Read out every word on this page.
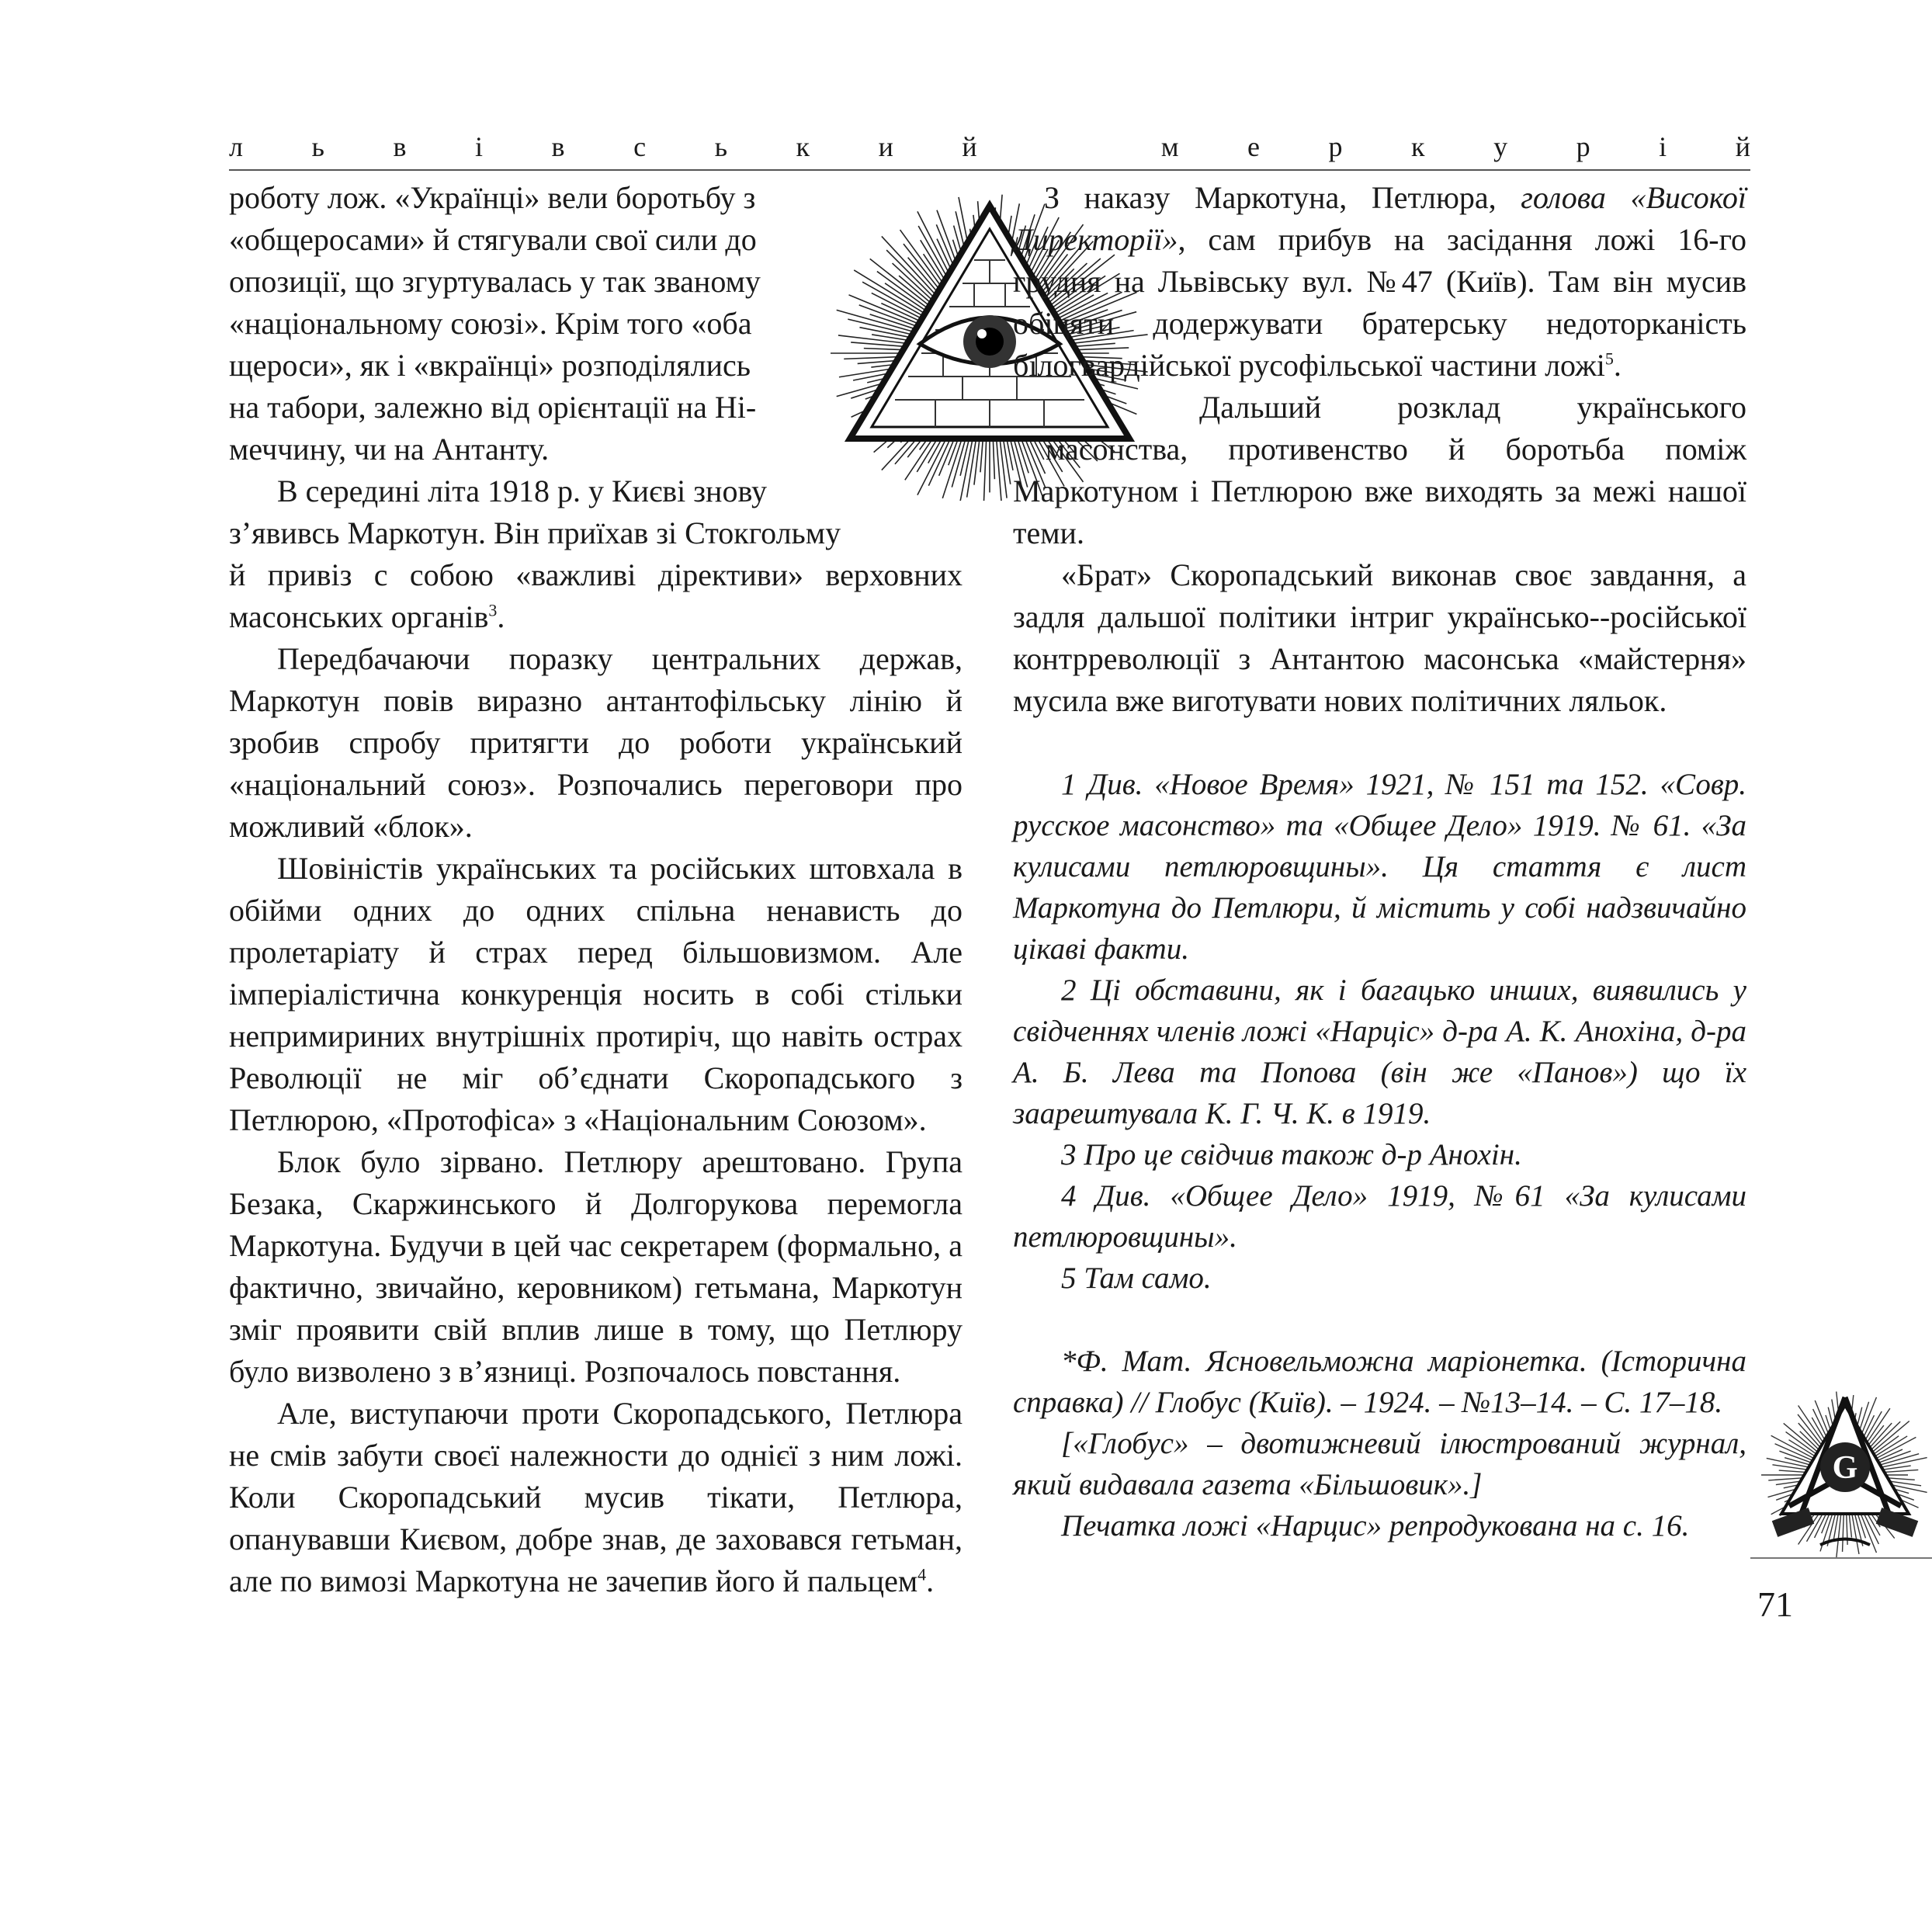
л ь в і в с ь к и й	м е р к у р і й

роботу лож. «Українці» вели боротьбу з
«общеросами» й стягували свої сили до
опозиції, що згуртувалась у так званому
«національному союзі». Крім того «оба
щероси», як і «вкраїнці» розподілялись
на табори, залежно від орієнтації на Ні-
меччину, чи на Антанту.

В середині літа 1918 р. у Києві знову
з’явивсь Маркотун. Він приїхав зі Стокгольму
й привіз с собою «важливі дірективи» верховних масонських органів$^3$.

Передбачаючи поразку центральних держав, Маркотун повів виразно антантофільську лінію й зробив спробу притягти до роботи український «національний союз». Розпочались переговори про можливий «блок».

Шовіністів українських та російських штовхала в обійми одних до одних спільна ненависть до пролетаріату й страх перед більшовизмом. Але імперіалістична конкуренція носить в собі стільки непримириних внутрішніх протиріч, що навіть острах Революції не міг об’єднати Скоропадського з Петлюрою, «Протофіса» з «Національним Союзом».

Блок було зірвано. Петлюру арештовано. Група Безака, Скаржинського й Долгорукова перемогла Маркотуна. Будучи в цей час секретарем (формально, а фактично, звичайно, керовником) гетьмана, Маркотун зміг проявити свій вплив лише в тому, що Петлюру було визволено з в’язниці. Розпочалось повстання.

Але, виступаючи проти Скоропадського, Петлюра не смів забути своєї належности до однієї з ним ложі. Коли Скоропадський мусив тікати, Петлюра, опанувавши Києвом, добре знав, де заховався гетьман, але по вимозі Маркотуна не зачепив його й пальцем$^4$.

З наказу Маркотуна, Петлюра, голова «Високої Директорії», сам прибув на засідання ложі 16-го грудня на Львівську вул. №47 (Київ). Там він мусив обіцяти додержувати братерську недоторканість білогвардійської русофільської частини ложі$^5$.

Дальший розклад українського
масонства, противенство й боротьба поміж Маркотуном і Петлюрою вже виходять за межі нашої теми.

«Брат» Скоропадський виконав своє завдання, а задля дальшої політики інтриг українсько--російської контрреволюції з Антантою масонська «майстерня» мусила вже виготувати нових політичних ляльок.

1 Див. «Новое Время» 1921, № 151 та 152. «Совр. русское масонство» та «Общее Дело» 1919. № 61. «За кулисами петлюровщины». Ця стаття є лист Маркотуна до Петлюри, й містить у собі надзвичайно цікаві факти.

2 Ці обставини, як і багацько инших, виявились у свідченнях членів ложі «Нарціс» д-ра А. К. Анохіна, д-ра А. Б. Лева та Попова (він же «Панов») що їх заарештувала К. Г. Ч. К. в 1919.

3 Про це свідчив також д-р Анохін.

4 Див. «Общее Дело» 1919, №61 «За кулисами петлюровщины».

5 Там само.

*Ф. Мат. Ясновельможна маріонетка. (Історична справка) // Глобус (Київ). – 1924. – №13–14. – С. 17–18.

[«Глобус» – двотижневий ілюстрований журнал, який видавала газета «Більшовик».]

Печатка ложі «Нарцис» репродукована на с. 16.

G
71
